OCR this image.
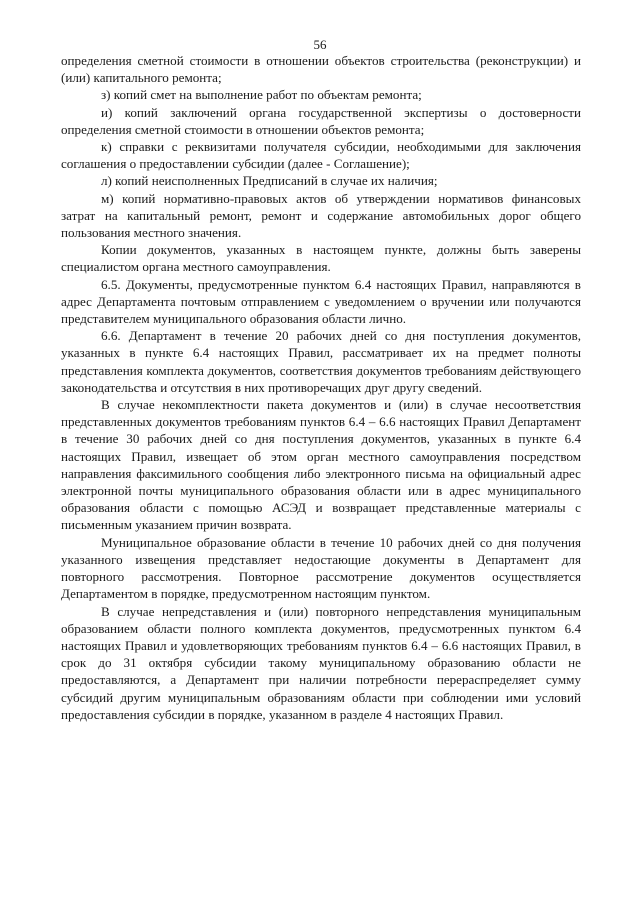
56

определения сметной стоимости в отношении объектов строительства (реконструкции) и (или) капитального ремонта;

з) копий смет на выполнение работ по объектам ремонта;

и) копий заключений органа государственной экспертизы о достоверности определения сметной стоимости в отношении объектов ремонта;

к) справки с реквизитами получателя субсидии, необходимыми для заключения соглашения о предоставлении субсидии (далее - Соглашение);

л) копий неисполненных Предписаний в случае их наличия;

м) копий нормативно-правовых актов об утверждении нормативов финансовых затрат на капитальный ремонт, ремонт и содержание автомобильных дорог общего пользования местного значения.

Копии документов, указанных в настоящем пункте, должны быть заверены специалистом органа местного самоуправления.

6.5. Документы, предусмотренные пунктом 6.4 настоящих Правил, направляются в адрес Департамента почтовым отправлением с уведомлением о вручении или получаются представителем муниципального образования области лично.

6.6. Департамент в течение 20 рабочих дней со дня поступления документов, указанных в пункте 6.4 настоящих Правил, рассматривает их на предмет полноты представления комплекта документов, соответствия документов требованиям действующего законодательства и отсутствия в них противоречащих друг другу сведений.

В случае некомплектности пакета документов и (или) в случае несоответствия представленных документов требованиям пунктов 6.4 – 6.6 настоящих Правил Департамент в течение 30 рабочих дней со дня поступления документов, указанных в пункте 6.4 настоящих Правил, извещает об этом орган местного самоуправления посредством направления факсимильного сообщения либо электронного письма на официальный адрес электронной почты муниципального образования области или в адрес муниципального образования области с помощью АСЭД и возвращает представленные материалы с письменным указанием причин возврата.

Муниципальное образование области в течение 10 рабочих дней со дня получения указанного извещения представляет недостающие документы в Департамент для повторного рассмотрения. Повторное рассмотрение документов осуществляется Департаментом в порядке, предусмотренном настоящим пунктом.

В случае непредставления и (или) повторного непредставления муниципальным образованием области полного комплекта документов, предусмотренных пунктом 6.4 настоящих Правил и удовлетворяющих требованиям пунктов 6.4 – 6.6 настоящих Правил, в срок до 31 октября субсидии такому муниципальному образованию области не предоставляются, а Департамент при наличии потребности перераспределяет сумму субсидий другим муниципальным образованиям области при соблюдении ими условий предоставления субсидии в порядке, указанном в разделе 4 настоящих Правил.
